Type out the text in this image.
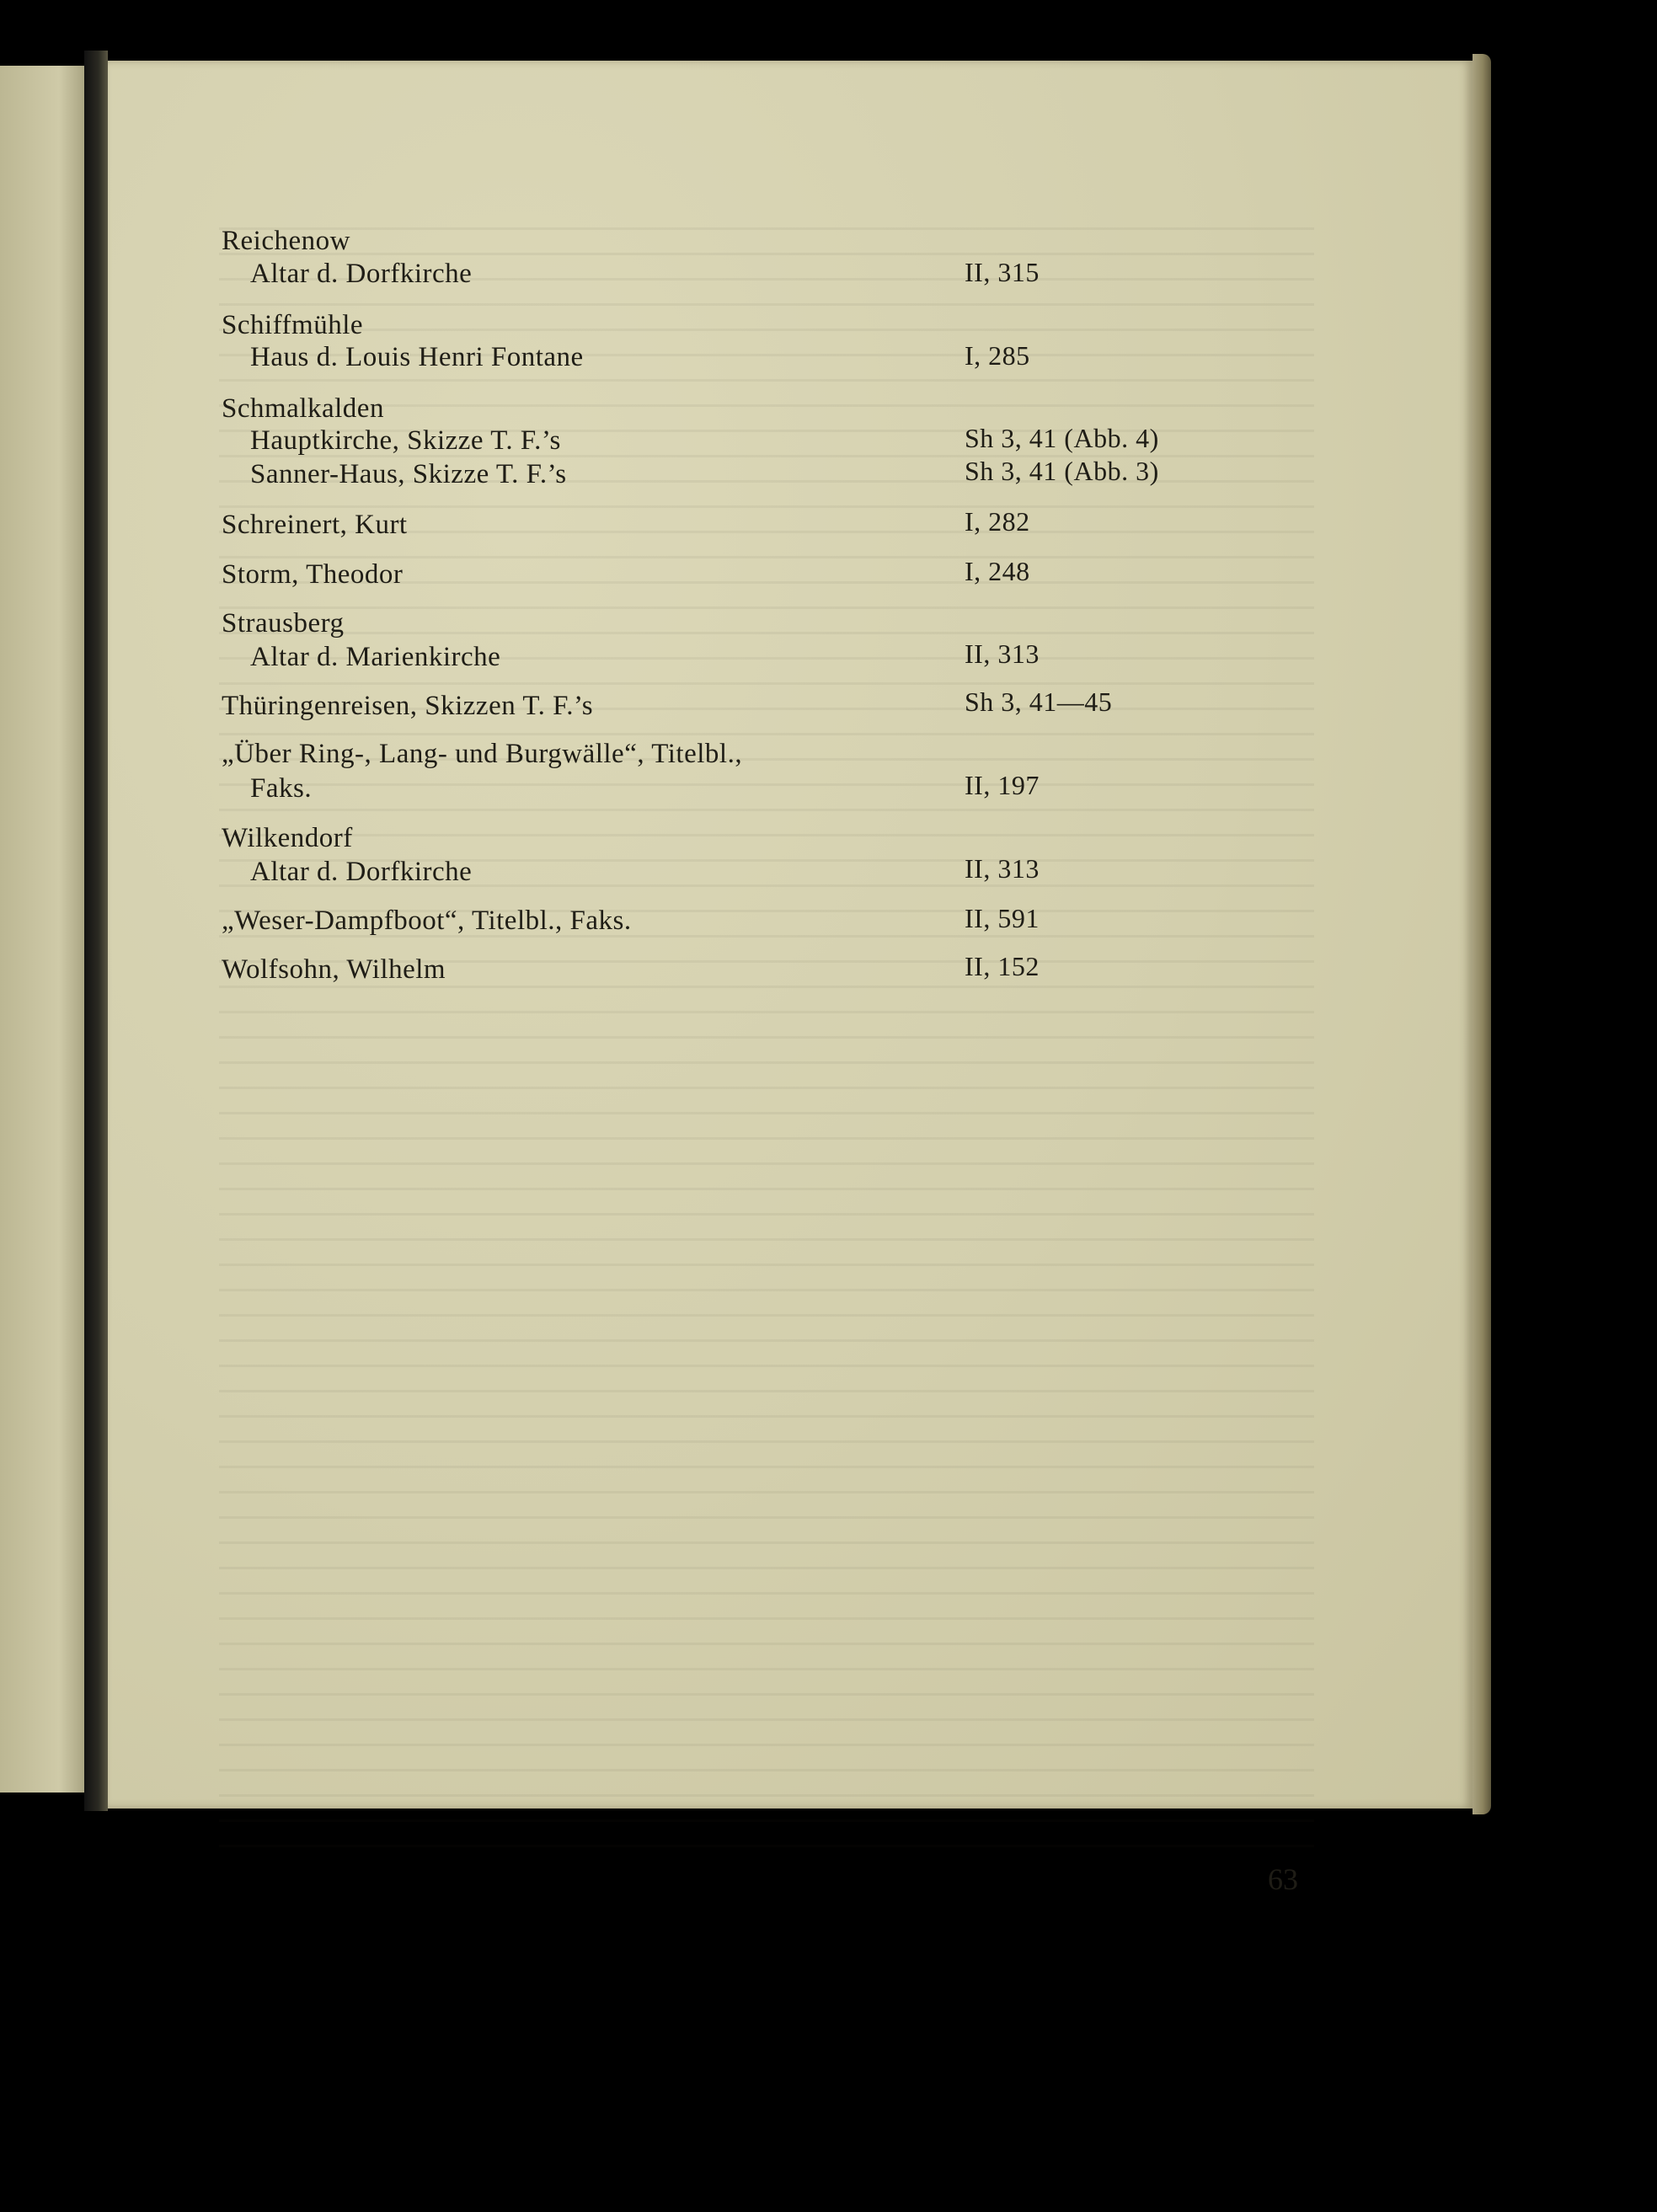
Reichenow
Altar d. Dorfkirche	II, 315
Schiffmühle
Haus d. Louis Henri Fontane	I, 285
Schmalkalden
Hauptkirche, Skizze T. F.’s	Sh 3, 41 (Abb. 4)
Sanner-Haus, Skizze T. F.’s	Sh 3, 41 (Abb. 3)
Schreinert, Kurt	I, 282
Storm, Theodor	I, 248
Strausberg
Altar d. Marienkirche	II, 313
Thüringenreisen, Skizzen T. F.’s	Sh 3, 41—45
„Über Ring-, Lang- und Burgwälle“, Titelbl.,
Faks.	II, 197
Wilkendorf
Altar d. Dorfkirche	II, 313
„Weser-Dampfboot“, Titelbl., Faks.	II, 591
Wolfsohn, Wilhelm	II, 152
63
